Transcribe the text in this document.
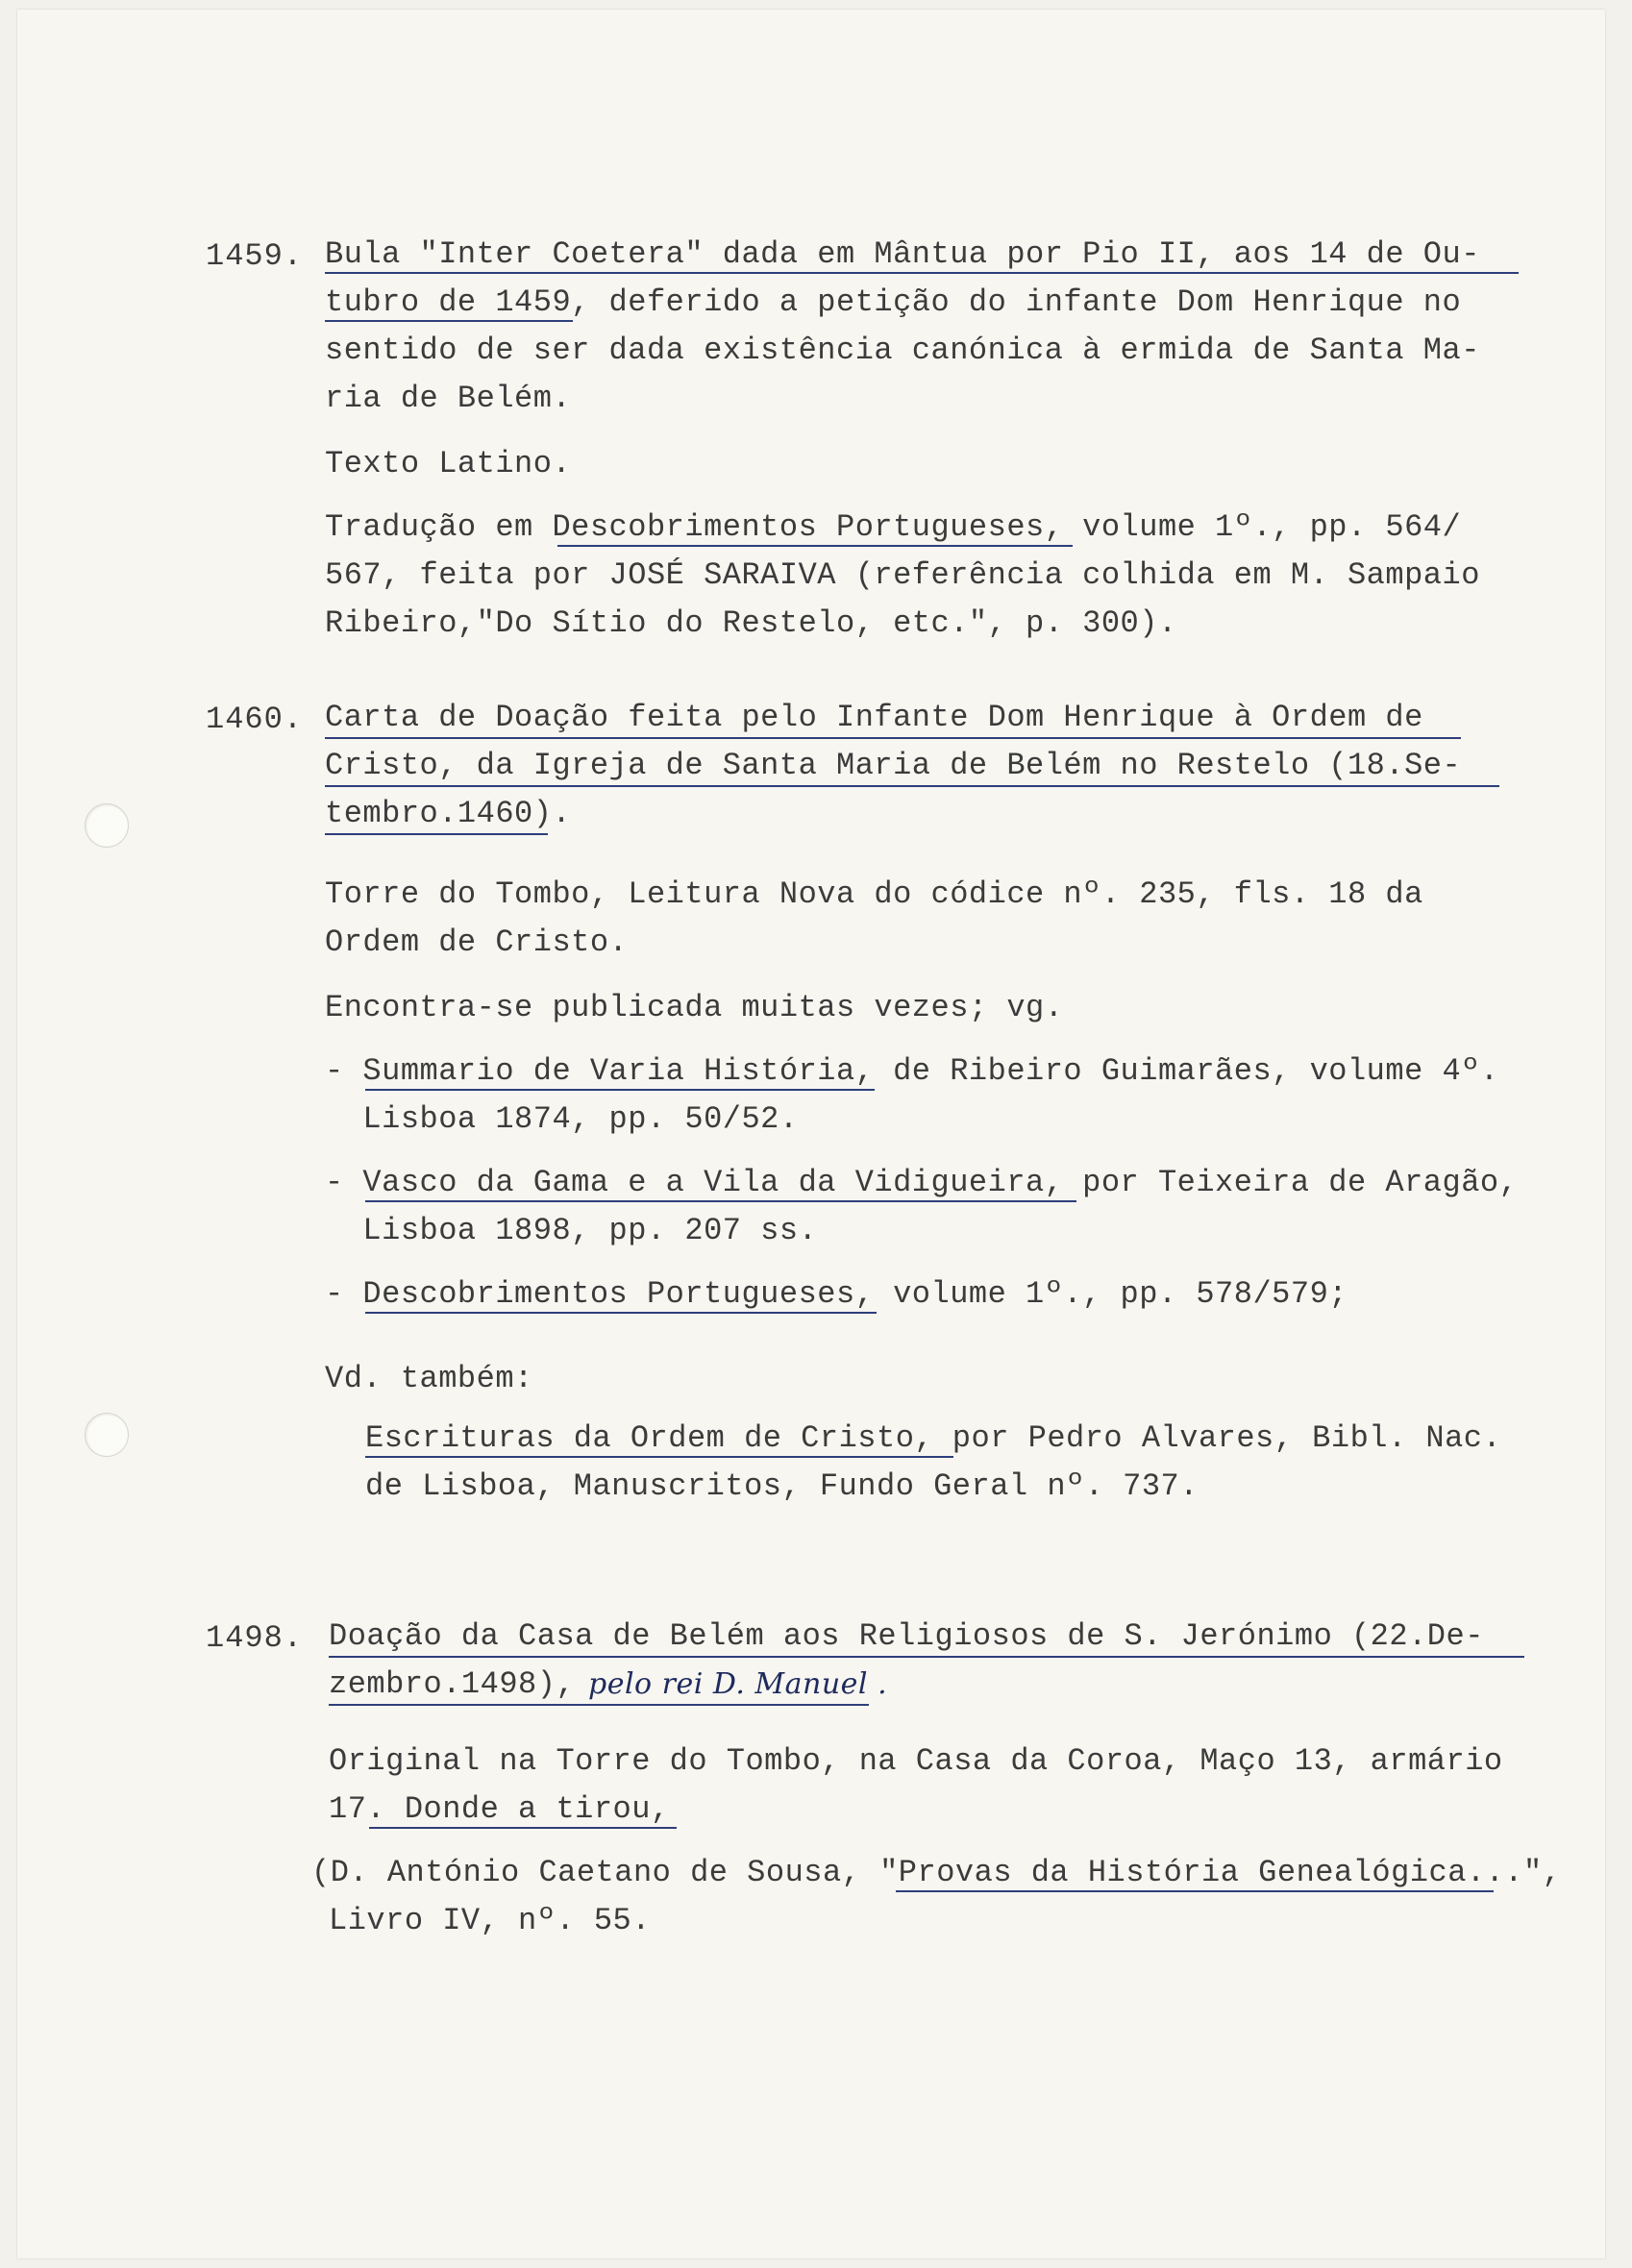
1459. Bula "Inter Coetera" dada em Mântua por Pio II, aos 14 de Ou-
tubro de 1459, deferido a petição do infante Dom Henrique no
sentido de ser dada existência canónica à ermida de Santa Ma-
ria de Belém.
Texto Latino.
Tradução em Descobrimentos Portugueses, volume 1º., pp. 564/
567, feita por JOSÉ SARAIVA (referência colhida em M. Sampaio
Ribeiro,"Do Sítio do Restelo, etc.", p. 300).
1460. Carta de Doação feita pelo Infante Dom Henrique à Ordem de
Cristo, da Igreja de Santa Maria de Belém no Restelo (18.Se-
tembro.1460).
Torre do Tombo, Leitura Nova do códice nº. 235, fls. 18 da
Ordem de Cristo.
Encontra-se publicada muitas vezes; vg.
- Summario de Varia História, de Ribeiro Guimarães, volume 4º.
Lisboa 1874, pp. 50/52.
- Vasco da Gama e a Vila da Vidigueira, por Teixeira de Aragão,
Lisboa 1898, pp. 207 ss.
- Descobrimentos Portugueses, volume 1º., pp. 578/579;
Vd. também:
Escrituras da Ordem de Cristo, por Pedro Alvares, Bibl. Nac.
de Lisboa, Manuscritos, Fundo Geral nº. 737.
1498. Doação da Casa de Belém aos Religiosos de S. Jerónimo (22.De-
zembro.1498), pelo rei D. Manuel .
Original na Torre do Tombo, na Casa da Coroa, Maço 13, armário
17. Donde a tirou,
(D. António Caetano de Sousa, "Provas da História Genealógica...",
Livro IV, nº. 55.
